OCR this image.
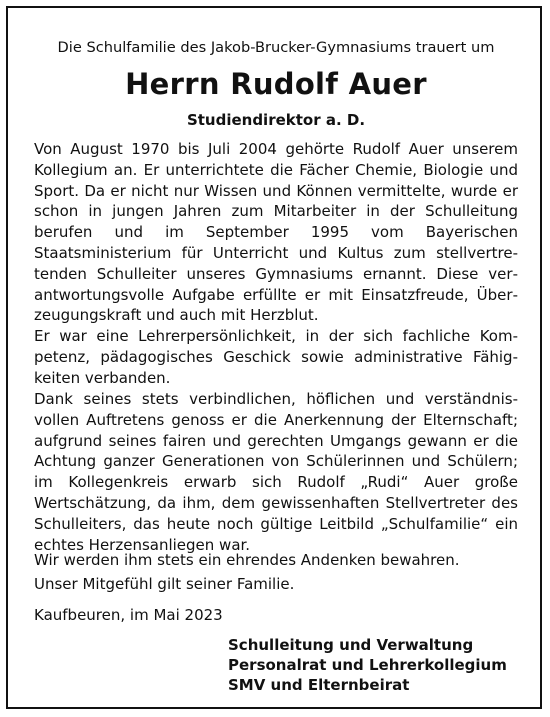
Die Schulfamilie des Jakob-Brucker-Gymnasiums trauert um
Herrn Rudolf Auer
Studiendirektor a. D.
Von August 1970 bis Juli 2004 gehörte Rudolf Auer unserem Kollegium an. Er unterrichtete die Fächer Chemie, Biologie und Sport. Da er nicht nur Wissen und Können vermittelte, wurde er schon in jungen Jahren zum Mitarbeiter in der Schulleitung berufen und im September 1995 vom Bayerischen Staatsministerium für Unterricht und Kultus zum stellvertretenden Schulleiter unseres Gymnasiums ernannt. Diese verantwortungsvolle Aufgabe erfüllte er mit Einsatzfreude, Überzeugungskraft und auch mit Herzblut.
Er war eine Lehrerpersönlichkeit, in der sich fachliche Kompetenz, pädagogisches Geschick sowie administrative Fähigkeiten verbanden.
Dank seines stets verbindlichen, höflichen und verständnisvollen Auftretens genoss er die Anerkennung der Elternschaft; aufgrund seines fairen und gerechten Umgangs gewann er die Achtung ganzer Generationen von Schülerinnen und Schülern; im Kollegenkreis erwarb sich Rudolf „Rudi“ Auer große Wertschätzung, da ihm, dem gewissenhaften Stellvertreter des Schulleiters, das heute noch gültige Leitbild „Schulfamilie“ ein echtes Herzensanliegen war.
Wir werden ihm stets ein ehrendes Andenken bewahren.
Unser Mitgefühl gilt seiner Familie.
Kaufbeuren, im Mai 2023
Schulleitung und Verwaltung
Personalrat und Lehrerkollegium
SMV und Elternbeirat
